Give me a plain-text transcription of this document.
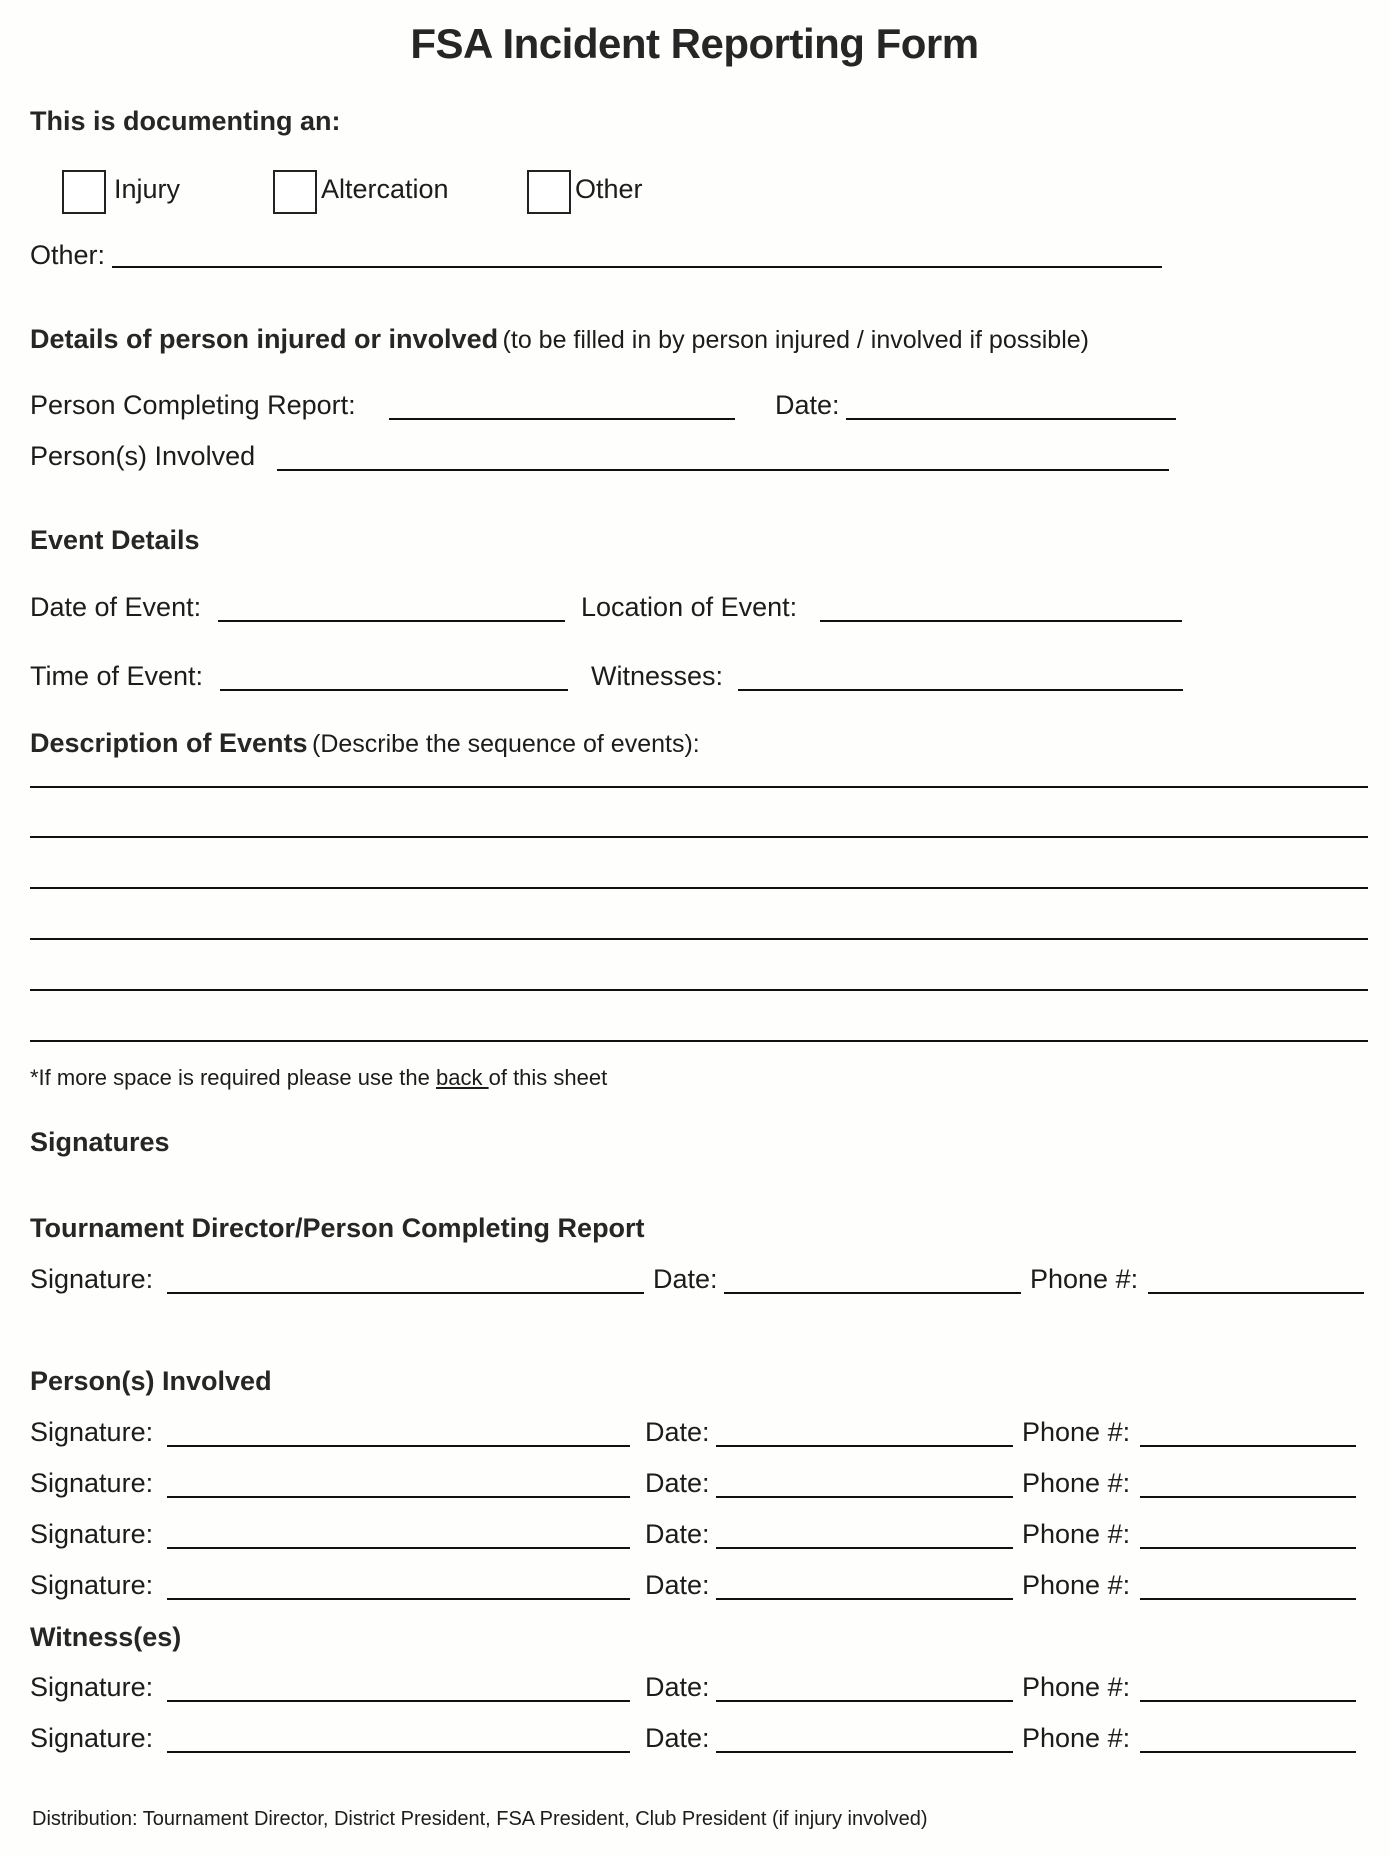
FSA Incident Reporting Form
This is documenting an:
Injury	Altercation	Other
Other:
Details of person injured or involved (to be filled in by person injured / involved if possible)
Person Completing Report:	Date:
Person(s) Involved
Event Details
Date of Event:	Location of Event:
Time of Event:	Witnesses:
Description of Events (Describe the sequence of events):
*If more space is required please use the back of this sheet
Signatures
Tournament Director/Person Completing Report
Signature:	Date:	Phone #:
Person(s) Involved
Signature:	Date:	Phone #:
Signature:	Date:	Phone #:
Signature:	Date:	Phone #:
Signature:	Date:	Phone #:
Witness(es)
Signature:	Date:	Phone #:
Signature:	Date:	Phone #:
Distribution: Tournament Director, District President, FSA President, Club President (if injury involved)
